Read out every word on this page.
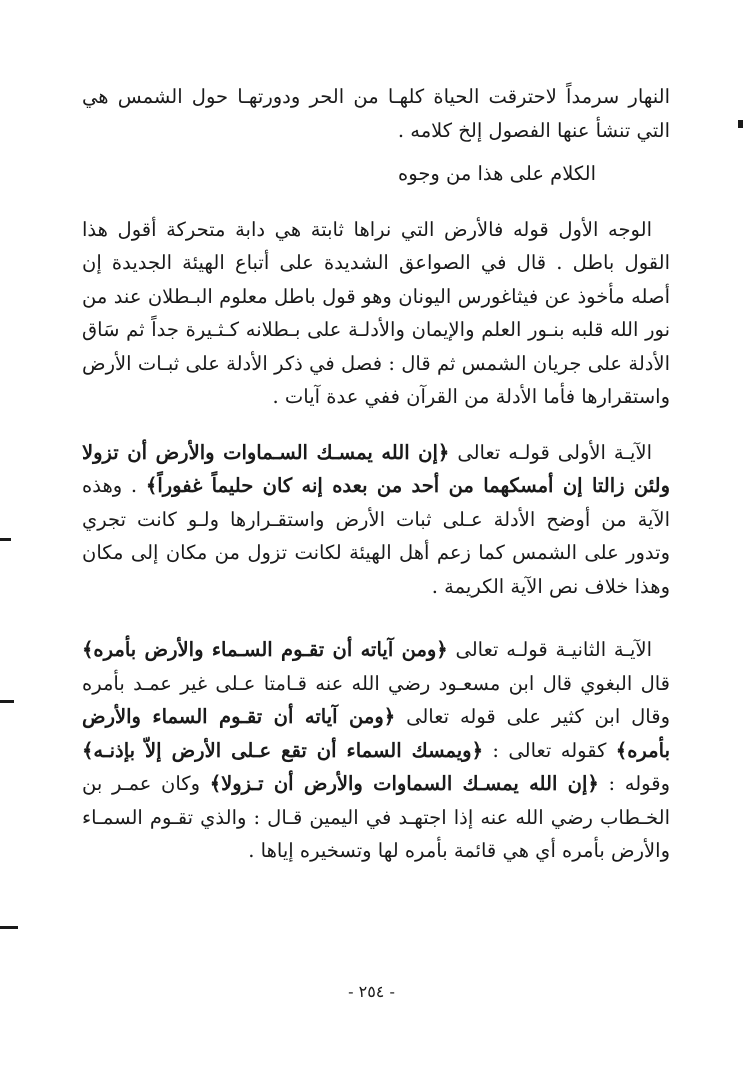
النهار سرمداً لاحترقت الحياة كلهـا من الحر ودورتهـا حول الشمس هي التي تنشأ عنها الفصول إلخ كلامه .

الكلام على هذا من وجوه

الوجه الأول قوله فالأرض التي نراها ثابتة هي دابة متحركة أقول هذا القول باطل . قال في الصواعق الشديدة على أتباع الهيئة الجديدة إن أصله مأخوذ عن فيثاغورس اليونان وهو قول باطل معلوم البـطلان عند من نور الله قلبه بنـور العلم والإيمان والأدلـة على بـطلانه كـثـيرة جداً ثم سَاق الأدلة على جريان الشمس ثم قال : فصل في ذكر الأدلة على ثبـات الأرض واستقرارها فأما الأدلة من القرآن ففي عدة آيات .

الآيـة الأولى قولـه تعالى ﴿إن الله يمسـك السـماوات والأرض أن تزولا ولئن زالتا إن أمسكهما من أحد من بعده إنه كان حليماً غفوراً﴾ . وهذه الآية من أوضح الأدلة عـلى ثبات الأرض واستقـرارها ولـو كانت تجري وتدور على الشمس كما زعم أهل الهيئة لكانت تزول من مكان إلى مكان وهذا خلاف نص الآية الكريمة .

الآيـة الثانيـة قولـه تعالى ﴿ومن آياته أن تقـوم السـماء والأرض بأمره﴾ قال البغوي قال ابن مسعـود رضي الله عنه قـامتا عـلى غير عمـد بأمره وقال ابن كثير على قوله تعالى ﴿ومن آياته أن تقـوم السماء والأرض بأمره﴾ كقوله تعالى : ﴿ويمسك السماء أن تقع عـلى الأرض إلاّ بإذنـه﴾ وقوله : ﴿إن الله يمسـك السماوات والأرض أن تـزولا﴾ وكان عمـر بن الخـطاب رضي الله عنه إذا اجتهـد في اليمين قـال : والذي تقـوم السمـاء والأرض بأمره أي هي قائمة بأمره لها وتسخيره إياها .

- ٢٥٤ -
